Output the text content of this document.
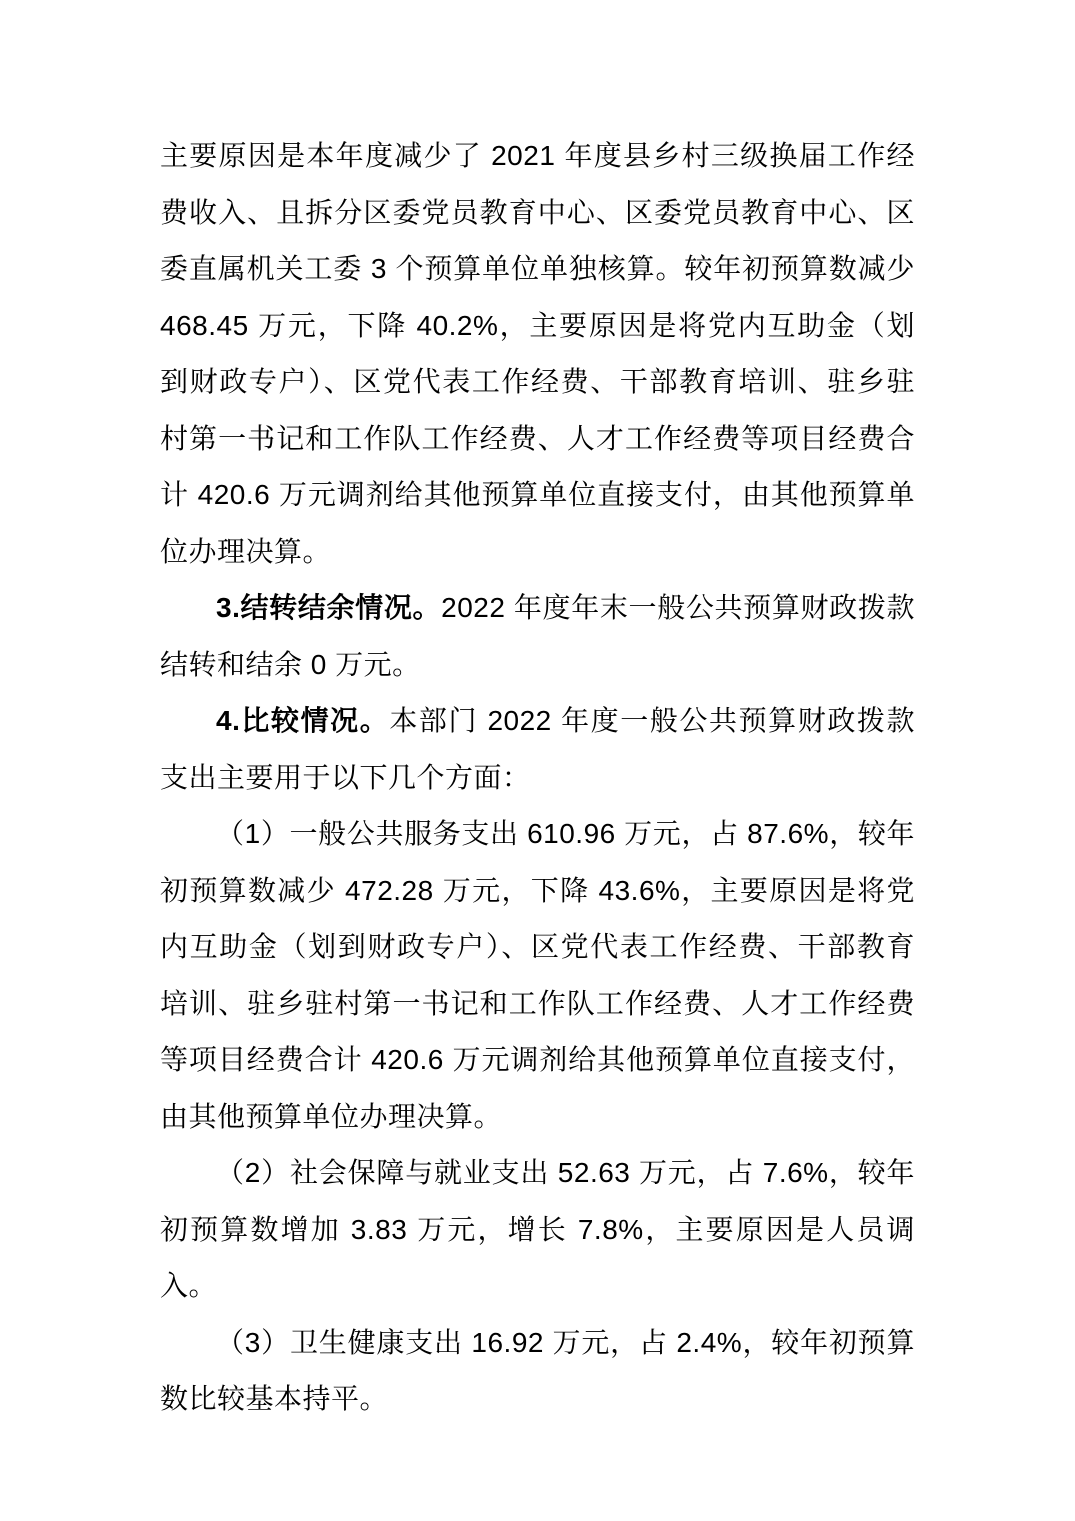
主要原因是本年度减少了 2021 年度县乡村三级换届工作经费收入、且拆分区委党员教育中心、区委党员教育中心、区委直属机关工委 3 个预算单位单独核算。较年初预算数减少 468.45 万元，下降 40.2%，主要原因是将党内互助金（划到财政专户）、区党代表工作经费、干部教育培训、驻乡驻村第一书记和工作队工作经费、人才工作经费等项目经费合计 420.6 万元调剂给其他预算单位直接支付，由其他预算单位办理决算。

3.结转结余情况。2022 年度年末一般公共预算财政拨款结转和结余 0 万元。

4.比较情况。本部门 2022 年度一般公共预算财政拨款支出主要用于以下几个方面：

（1）一般公共服务支出 610.96 万元，占 87.6%，较年初预算数减少 472.28 万元，下降 43.6%，主要原因是将党内互助金（划到财政专户）、区党代表工作经费、干部教育培训、驻乡驻村第一书记和工作队工作经费、人才工作经费等项目经费合计 420.6 万元调剂给其他预算单位直接支付，由其他预算单位办理决算。

（2）社会保障与就业支出 52.63 万元，占 7.6%，较年初预算数增加 3.83 万元，增长 7.8%，主要原因是人员调入。

（3）卫生健康支出 16.92 万元，占 2.4%，较年初预算数比较基本持平。
